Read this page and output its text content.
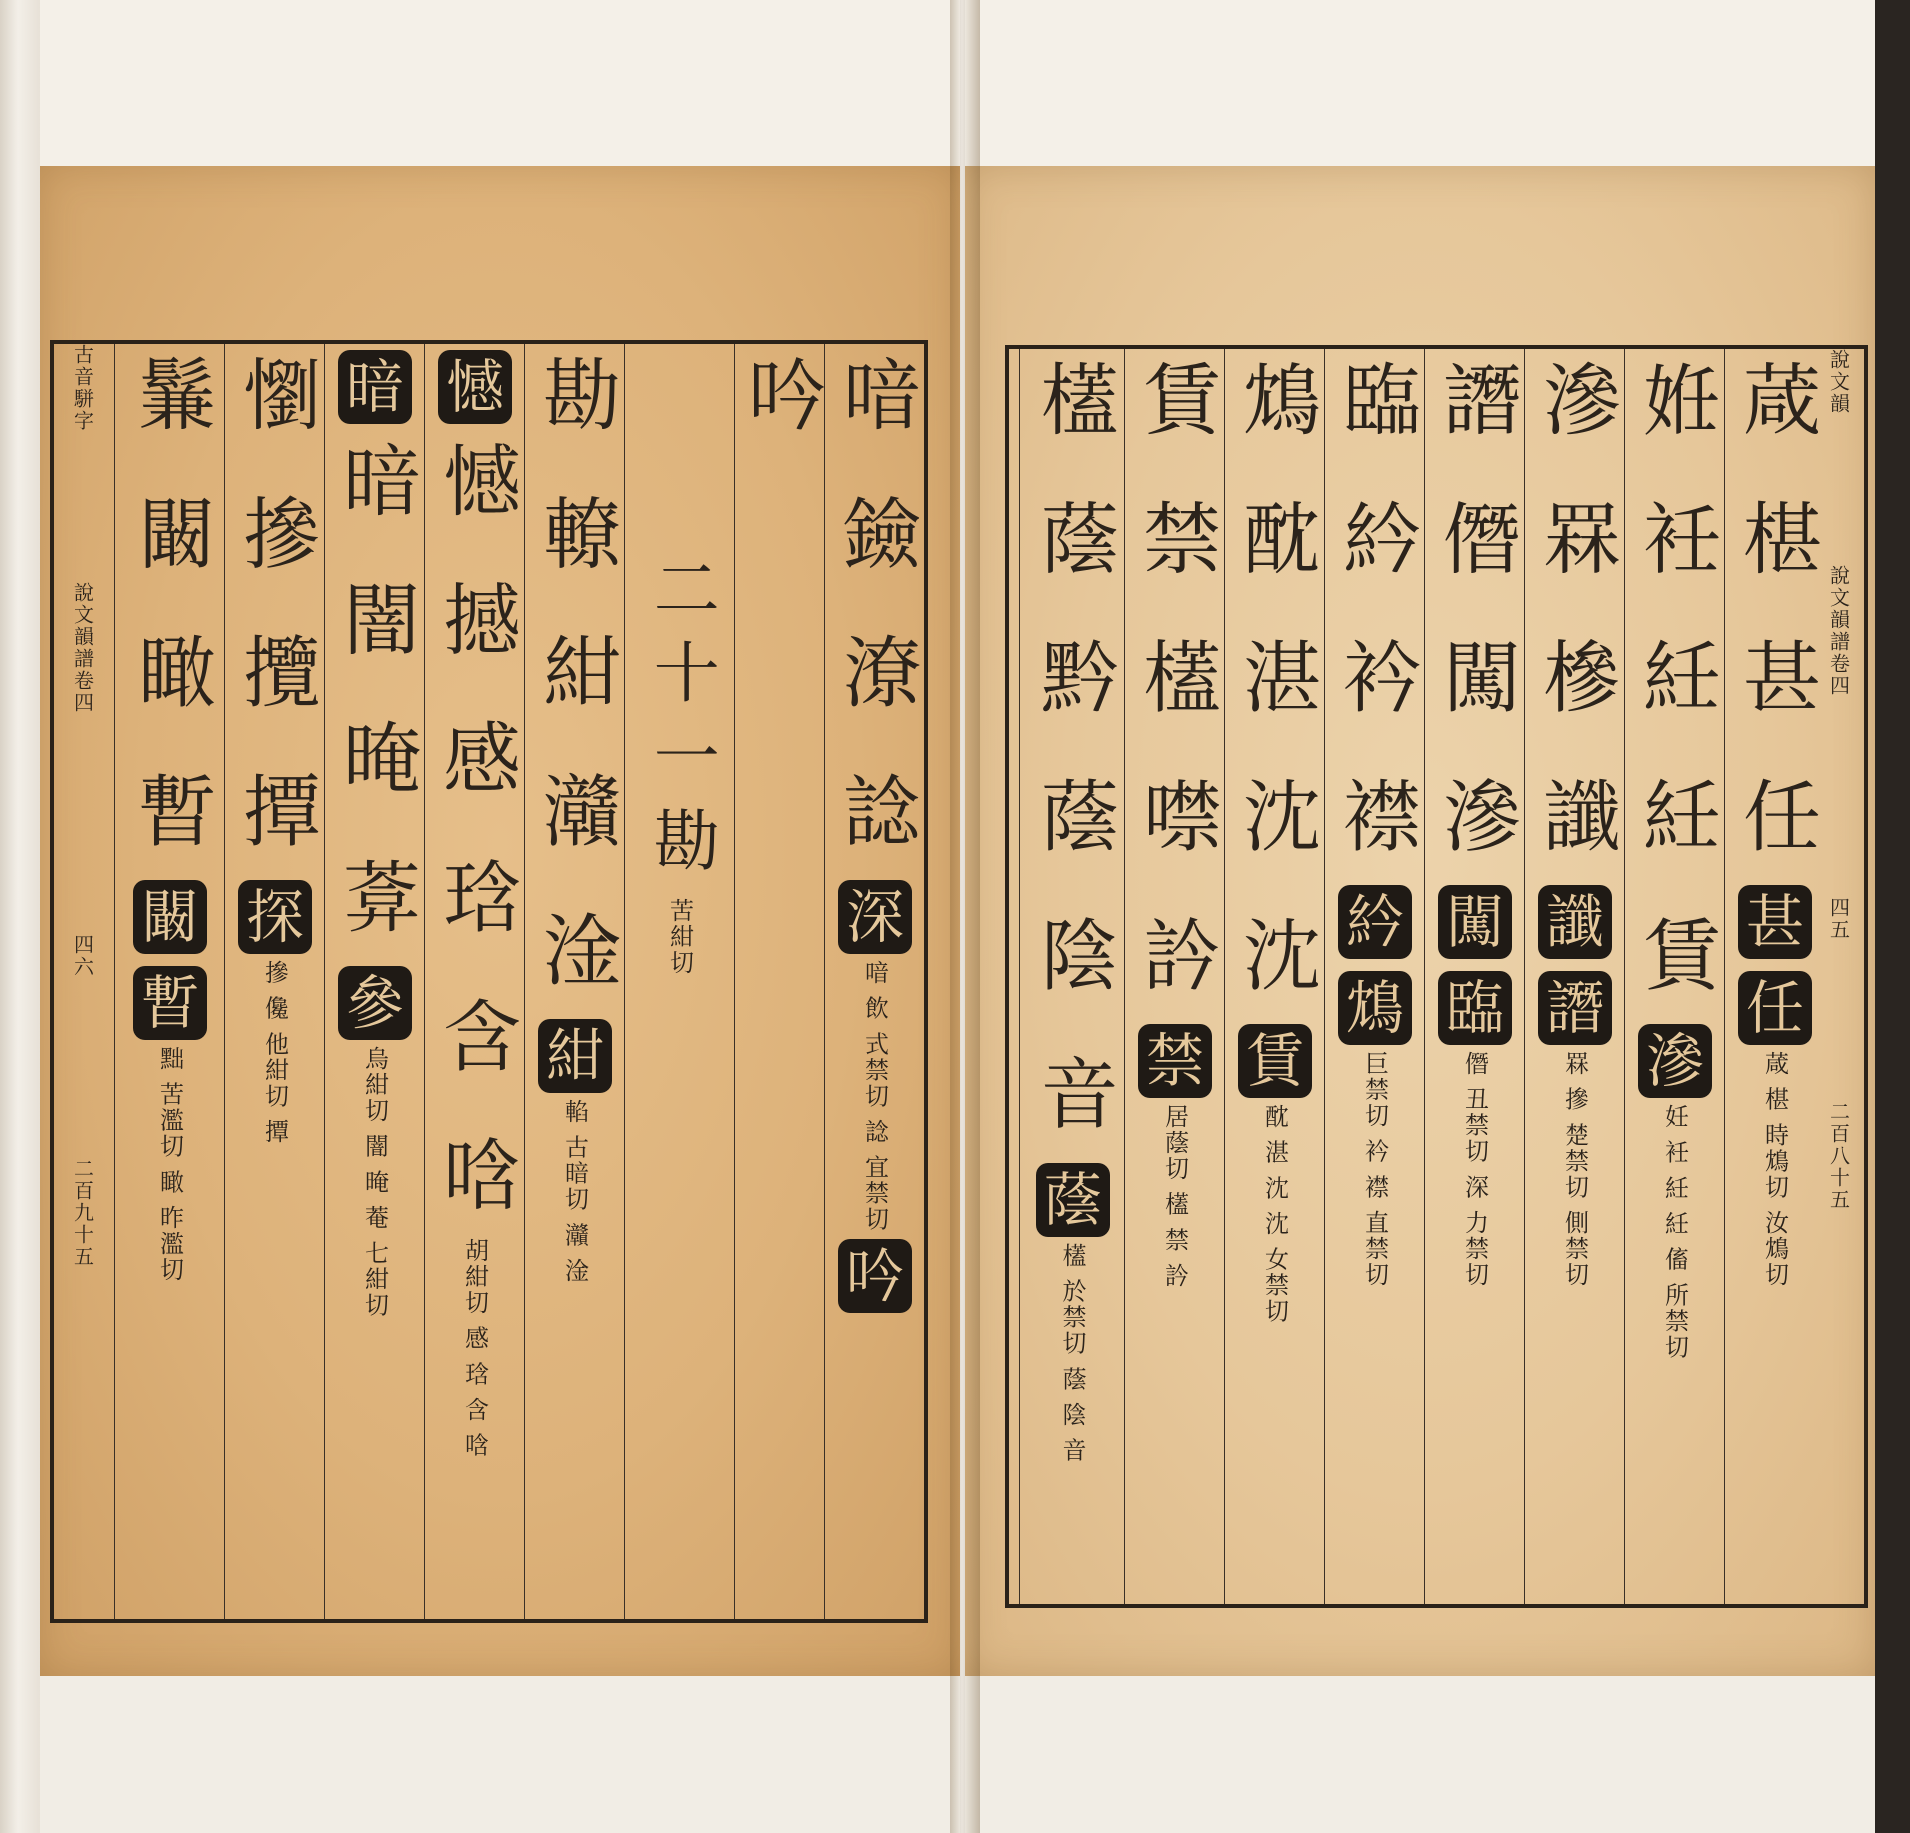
喑 鐱 潦 諗
深
喑 飲 式禁切 諗 宜禁切
吟
吟
二十一勘
苦紺切
勘 轑 紺 灨 淦
紺
輡 古暗切 灨 淦
憾
憾 撼 感 琀 含 唅
胡紺切 感 琀 含 唅
暗
暗 闇 晻 葊
參
烏紺切 闇 晻 菴 七紺切
懰 摻 攬 撢
探
摻 儳 他紺切 撢
鬑 闞 瞰 暫
闞
暫
黜 苦濫切 瞰 昨濫切
古音駢字
說文韻譜卷四
四六
二百九十五
說文韻
說文韻譜卷四
四五
二百八十五
葴 椹 甚 任
甚
任
葴 椹 時鴆切 汝鴆切
姙 衽 紝 紝 賃
滲
妊 衽 紝 紝 傗 所禁切
滲 罧 槮 讖
讖
譖
罧 摻 楚禁切 側禁切
譖 僭 闖 滲
闖
臨
僭 丑禁切 深 力禁切
臨 紟 衿 襟
紟
鴆
巨禁切 衿 襟 直禁切
鴆 酖 湛 沈 沈
賃
酖 湛 沈 沈 女禁切
賃 禁 㯼 噤 訡
禁
居蔭切 㯼 禁 訡
㯼 蔭 黔 蔭 陰 音
蔭
㯼 於禁切 蔭 陰 音
